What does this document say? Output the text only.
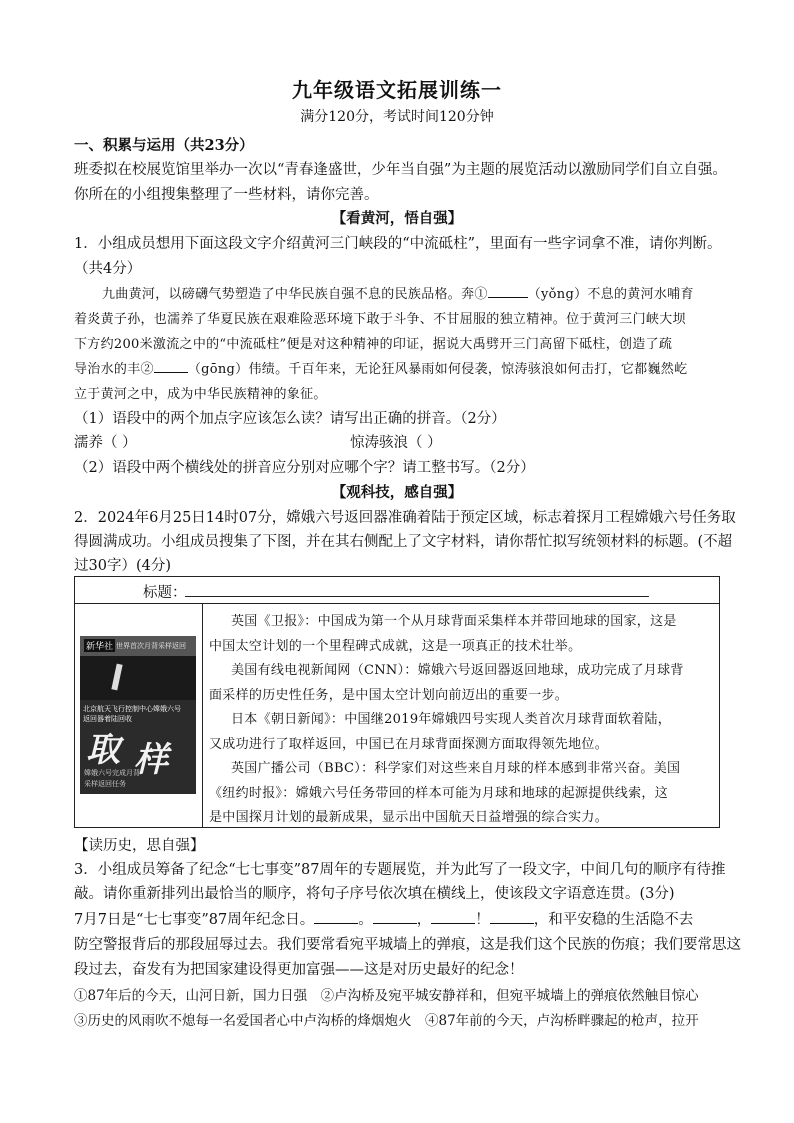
九年级语文拓展训练一
满分120分，考试时间120分钟
一、积累与运用（共23分）
班委拟在校展览馆里举办一次以“青春逢盛世，少年当自强”为主题的展览活动以激励同学们自立自强。
你所在的小组搜集整理了一些材料，请你完善。
【看黄河，悟自强】
1．小组成员想用下面这段文字介绍黄河三门峡段的“中流砥柱”，里面有一些字词拿不准，请你判断。
（共4分）
九曲黄河，以磅礴气势塑造了中华民族自强不息的民族品格。奔①	（yǒng）不息的黄河水哺育
着炎黄子孙，也濡养了华夏民族在艰难险恶环境下敢于斗争、不甘屈服的独立精神。位于黄河三门峡大坝
下方约200米激流之中的“中流砥柱”便是对这种精神的印证，据说大禹劈开三门高留下砥柱，创造了疏
导治水的丰②	（gōng）伟绩。千百年来，无论狂风暴雨如何侵袭，惊涛骇浪如何击打，它都巍然屹
立于黄河之中，成为中华民族精神的象征。
（1）语段中的两个加点字应该怎么读？请写出正确的拼音。（2分）
濡养（ ）	惊涛骇浪（ ）
（2）语段中两个横线处的拼音应分别对应哪个字？请工整书写。（2分）
【观科技，感自强】
2．2024年6月25日14时07分，嫦娥六号返回器准确着陆于预定区域，标志着探月工程嫦娥六号任务取
得圆满成功。小组成员搜集了下图，并在其右侧配上了文字材料，请你帮忙拟写统领材料的标题。(不超
过30字）(4分)
标题：
新华社 世界首次月背采样返回
北京航天飞行控制中心嫦娥六号
返回器着陆回收
取 样
嫦娥六号完成月背
采样返回任务
英国《卫报》：中国成为第一个从月球背面采集样本并带回地球的国家，这是
中国太空计划的一个里程碑式成就，这是一项真正的技术壮举。
美国有线电视新闻网（CNN）：嫦娥六号返回器返回地球，成功完成了月球背
面采样的历史性任务，是中国太空计划向前迈出的重要一步。
日本《朝日新闻》：中国继2019年嫦娥四号实现人类首次月球背面软着陆，
又成功进行了取样返回，中国已在月球背面探测方面取得领先地位。
英国广播公司（BBC）：科学家们对这些来自月球的样本感到非常兴奋。美国
《纽约时报》：嫦娥六号任务带回的样本可能为月球和地球的起源提供线索，这
是中国探月计划的最新成果，显示出中国航天日益增强的综合实力。
【读历史，思自强】
3．小组成员筹备了纪念“七七事变”87周年的专题展览，并为此写了一段文字，中间几句的顺序有待推
敲。请你重新排列出最恰当的顺序，将句子序号依次填在横线上，使该段文字语意连贯。(3分)
7月7日是“七七事变”87周年纪念日。	。	，	！	，和平安稳的生活隐不去
防空警报背后的那段屈辱过去。我们要常看宛平城墙上的弹痕，这是我们这个民族的伤痕；我们要常思这
段过去，奋发有为把国家建设得更加富强——这是对历史最好的纪念！
①87年后的今天，山河日新，国力日强　②卢沟桥及宛平城安静祥和，但宛平城墙上的弹痕依然触目惊心
③历史的风雨吹不熄每一名爱国者心中卢沟桥的烽烟炮火　④87年前的今天，卢沟桥畔骤起的枪声，拉开
